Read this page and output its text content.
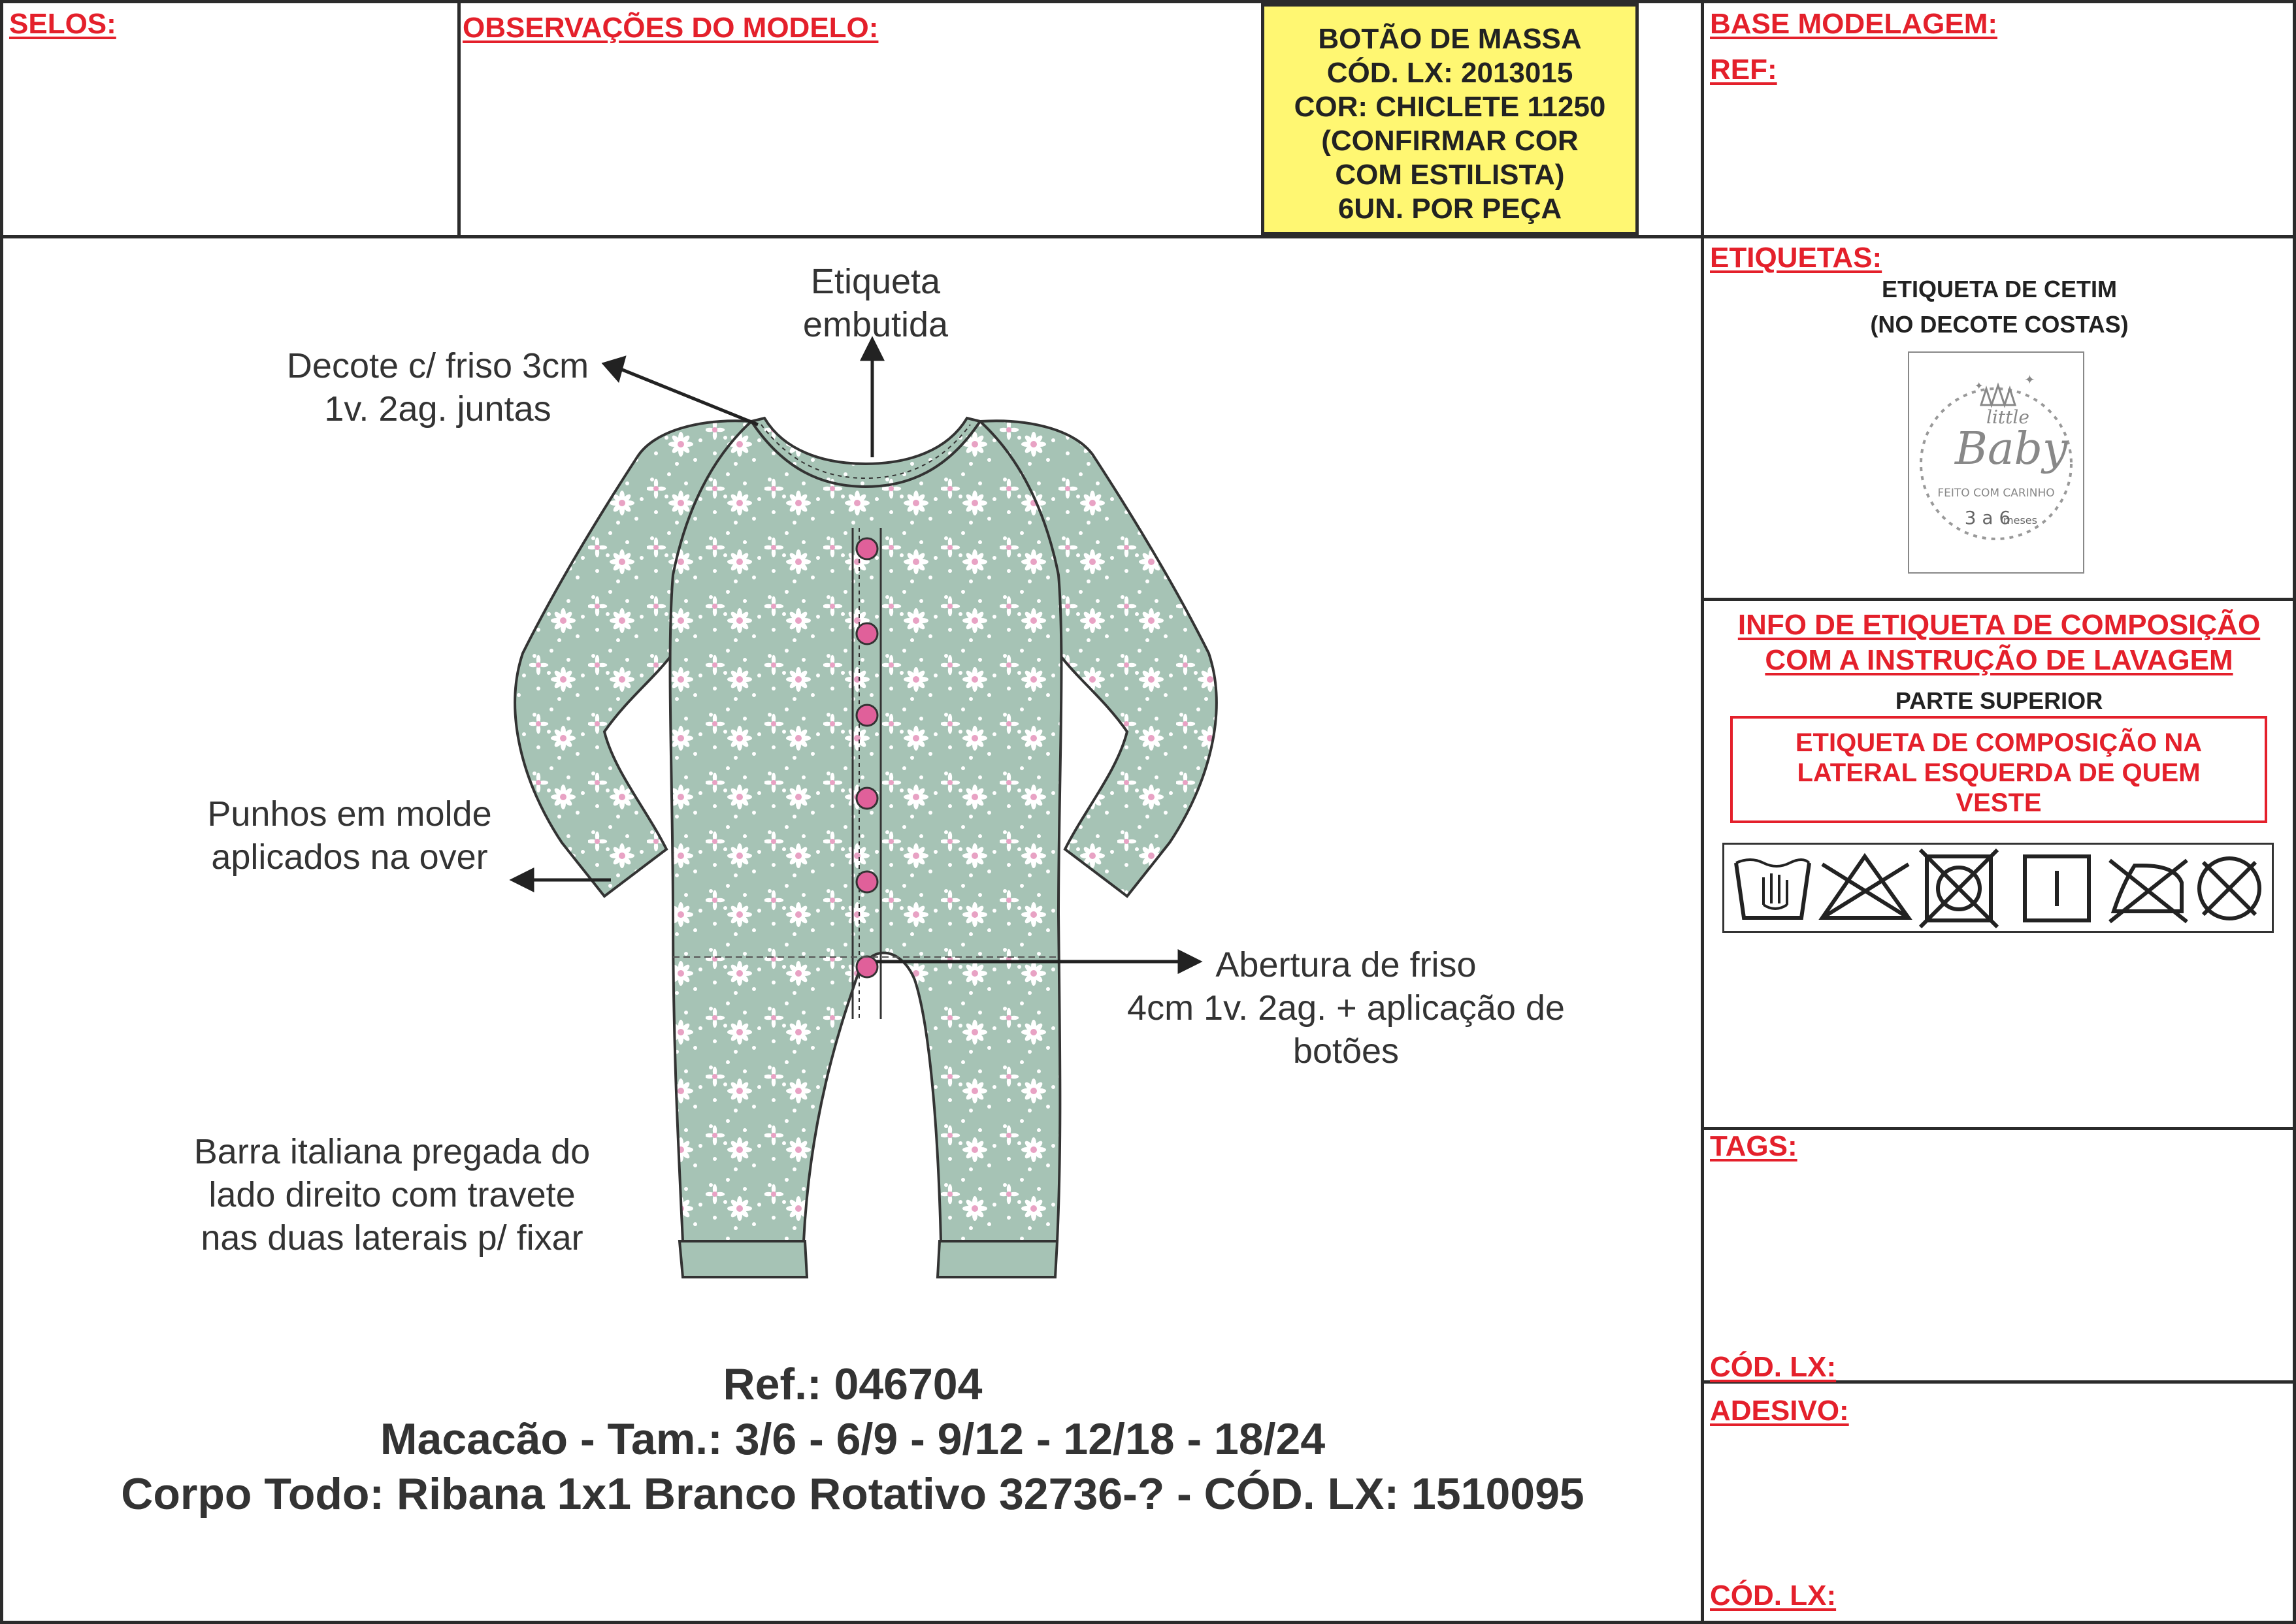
SELOS:	OBSERVAÇÕES DO MODELO:	BOTÃO DE MASSA
CÓD. LX: 2013015
COR: CHICLETE 11250
(CONFIRMAR COR
COM ESTILISTA)
6UN. POR PEÇA
BASE MODELAGEM:
REF:
ETIQUETAS:
ETIQUETA DE CETIM
(NO DECOTE COSTAS)
✦
✦
little
Baby
FEITO COM CARINHO
3 a 6
meses
INFO DE ETIQUETA DE COMPOSIÇÃO
COM A INSTRUÇÃO DE LAVAGEM
PARTE SUPERIOR
ETIQUETA DE COMPOSIÇÃO NA
LATERAL ESQUERDA DE QUEM
VESTE
TAGS:
CÓD. LX:
ADESIVO:
CÓD. LX:
Etiqueta
embutida
Decote c/ friso 3cm
1v. 2ag. juntas
Punhos em molde
aplicados na over
Abertura de friso
4cm 1v. 2ag. + aplicação de
botões
Barra italiana pregada do
lado direito com travete
nas duas laterais p/ fixar
Ref.: 046704
Macacão - Tam.: 3/6 - 6/9 - 9/12 - 12/18 - 18/24
Corpo Todo: Ribana 1x1 Branco Rotativo 32736-? - CÓD. LX: 1510095
